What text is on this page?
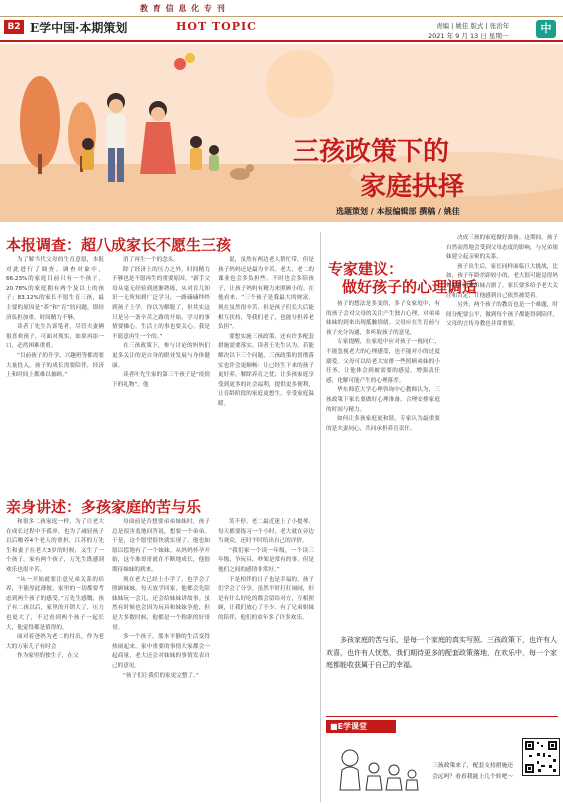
教 育 信 息 化 专 刊
B2 E学中国·本期策划	HOT TOPIC	责编 | 姚佳 版式 | 张治年
2021 年 9 月 13 日 星期一
中
三孩政策下的
家庭抉择
选题策划 / 本报编辑部 撰稿 / 姚佳
本报调查：超八成家长不愿生三孩

为了解当代父母的生育意愿，本报对此进行了调查。调查对象中，66.23%的家庭目前只有一个孩子，20.78%的家庭拥有两个及以上的孩子；83.12%的家长不愿生育三孩，最主要的原因是“养”和“育”的问题，即经济负担加重、时间精力不够。

读者丁先生告诉笔者，尽管夫妻俩很喜欢孩子，可面对现实，如果再添一口，必然困难重重。

“目前孩子的升学、兴趣班等都需要大量投入，孩子的成长需要陪伴，经济上和时间上都难以兼顾。”

消了再生一个的念头。

除了经济上的压力之外，时间精力不够也是不愿再生的重要原因。“新手父母从毫无经验到逐渐熟练，从对育儿知识一无所知到广泛学习，一路磕磕绊绊到孩子上学，你以为解脱了，但其实这只是另一条辛苦之路的开始。学习的事情要操心，生活上的事也要关心。我是不愿意再生一个的。”

在三孩政策下，参与讨论的妈妈们更多关注的是自身的职业发展与身体健康。

读者叶先生家的第三个孩子是“疫情下的礼物”，他

说，虽然有两边老人帮忙带，但是孩子妈妈还是最为辛苦。老大、老二的课业也会多负担些，不时也会多陪孩子，让孩子妈妈有精力来照顾小的。在他看来，“三个孩子是我最大的财富，现在虽然很辛苦，但是孩子们长大后能相互扶持，等我们老了，也能分担养老负担”。

要想实施三孩政策，还有许多配套措施需要落实。读者王先生认为，若能解决以下三个问题，三孩政策的贯彻落实也许会更顺畅：让已经生下来的孩子更好养，解除养育之忧；让多孩家庭享受到更多的社会福利，提供更多便利，让育龄阶段的家庭更想生，享受家庭温暖。

亲身讲述：多孩家庭的苦与乐

和很多二孩家庭一样，为了让老大在成长过程中不孤单，也为了减轻孩子以后赡养4个老人的重担，江苏的万先生和妻子在老大3岁的时候，又生了一个孩子。家有两个孩子，万先生既感到欢乐也很辛苦。

“从一开始就要注意兄弟关系的培养，不能厚此薄彼，家里的一切都要考虑到两个孩子的感受。”万先生感慨，孩子有二孩以后，家里的开销大了，压力也更大了，不过看到两个孩子一起长大，他觉得都是值得的。

面对着爸妈为老二的付出，作为老大的万家儿子有时会

作为家里的独生子，在父

母面前是否想要弟弟妹妹时，孩子总是很害羞地回答说，想要一个弟弟。于是，这个愿望很快就实现了，他也如愿以偿地有了一个妹妹。从妈妈怀孕开始，这个准哥哥就在不断地成长，他很期待妹妹的到来。

现在老大已经上小学了，也学会了照顾妹妹。每天放学回家，他都会先陪妹妹玩一会儿，还会给妹妹讲故事。虽然有时候也会因为玩具和妹妹争抢，但是大多数时候，他都是一个称职的好哥哥。

多一个孩子，那本平静的生活变得热闹起来。家中重要的事情大家都会一起商量，老大还会对妹妹的事情发表自己的意见。

“孩子们让我们的家更完整了。”

笑不停。老二最近迷上了小提琴，每天都要练习一个小时，老大就在旁边当观众，还时不时给出自己的评价。

“我们家一个读一年级，一个读三年级，争玩具、吵架是常有的事，但是他们之间的感情非常好。”

于是相伴的日子也是幸福的。孩子们学会了分享，虽然平时打打闹闹，但是有什么好吃的都会留给对方，互相照顾，让我们放心了不少。有了兄弟姐妹的陪伴，他们的童年多了许多欢乐。

专家建议：
做好孩子的心理调适

孩子的想法是多变的，多子女家庭中，有的孩子会对父母的关注产生独占心理，对弟弟妹妹的到来出现抵触情绪。父母应在生育前与孩子充分沟通，多听取孩子的意见。

专家提醒，在家庭中应对孩子一视同仁，不能忽视老大的心理感受，也不能对小的过度溺爱。父母可以给老大安排一些照顾弟妹的小任务，让他体会到被需要的感觉，增强责任感，化解可能产生的心理落差。

华东师范大学心理咨询中心教师认为，三孩政策下家长要做好心理准备，合理安排家庭的时间与精力。

如何让多孩家庭更和谐，专家认为最重要的是夫妻同心，共同承担养育责任。

决成三孩的家庭做好准备。这期间，孩子自然而然地会受到父母态度的影响，与兄弟姐妹建立起亲密的关系。

孩子出生后，家长同样面临巨大挑战，比如，孩子年龄差距较小的，老大很可能觉得妈妈的怀抱被弟妹占据了。家长要多给予老大关注和肯定，让他感到自己依然被爱着。

另外，两个孩子的教育也是一个难题，时间分配要公平，做到每个孩子都能得到陪伴，父母的言传身教也非常重要。

多孩家庭的苦与乐，是每一个家庭的真实写照。三孩政策下，也许有人欢喜，也许有人忧愁，我们期待更多的配套政策落地，在欢乐中，每一个家庭都能收获属于自己的幸福。
■E学课堂
三孩政策来了，配套支持措施还
会远吗？看看我能上几个娃吧～
